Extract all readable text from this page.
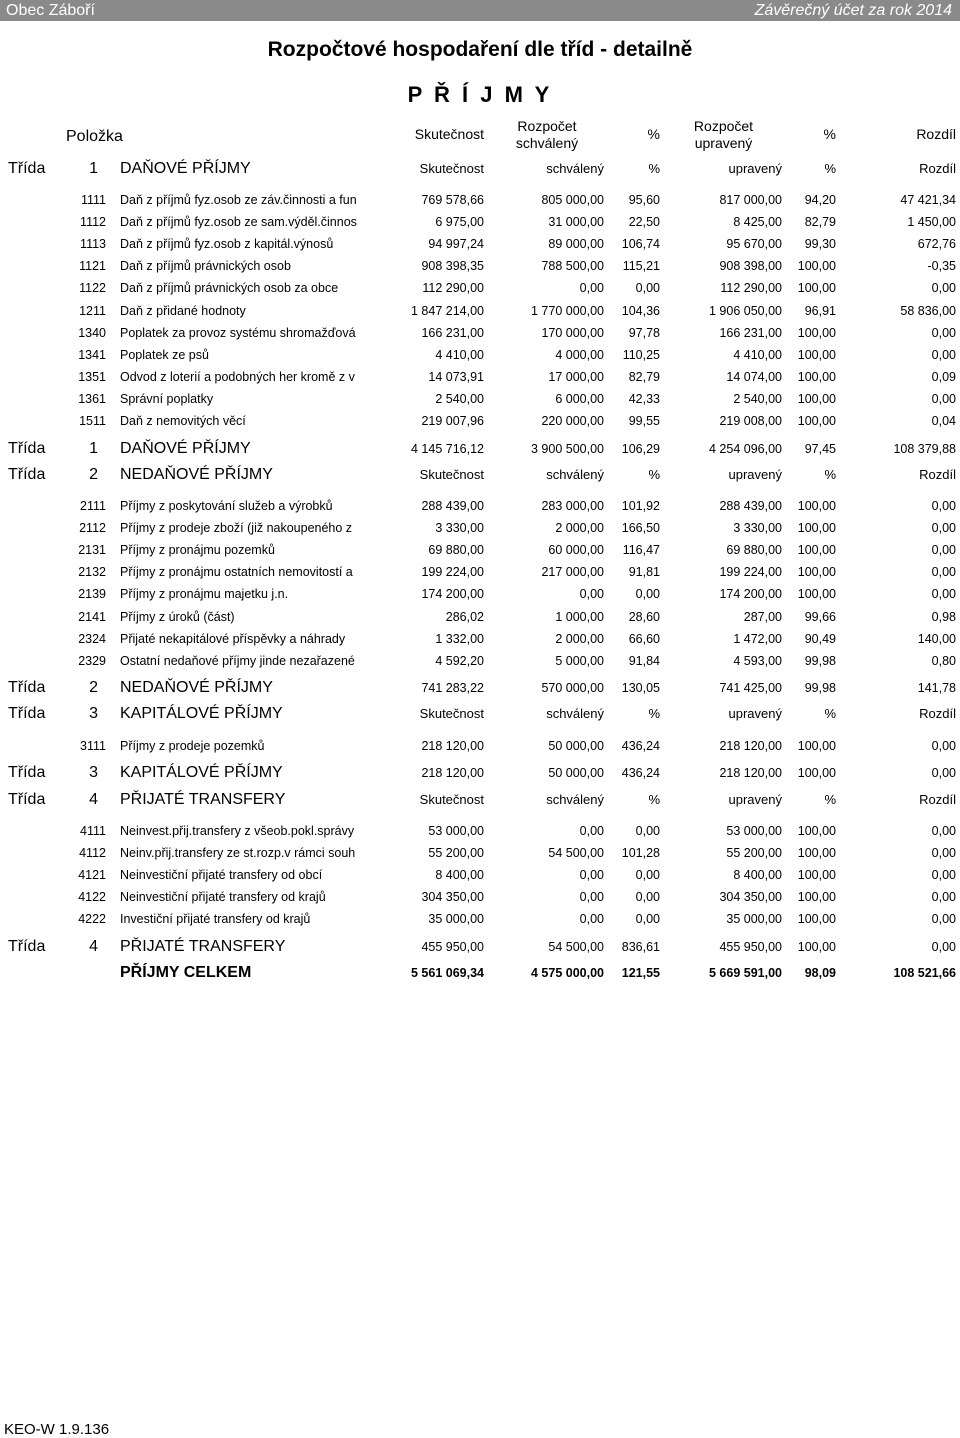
Obec Záboří	Závěrečný účet za rok 2014
Rozpočtové hospodaření dle tříd - detailně
P Ř Í J M Y
Položka	Skutečnost	Rozpočet
schválený
%	Rozpočet
upravený
%	Rozdíl
Třída	1 DAŇOVÉ PŘÍJMY	Skutečnost	schválený	%	upravený	%	Rozdíl
1111 Daň z příjmů fyz.osob ze záv.činnosti a fun	769 578,66	805 000,00	95,60	817 000,00	94,20	47 421,34
1112 Daň z příjmů fyz.osob ze sam.výděl.činnos	6 975,00	31 000,00	22,50	8 425,00	82,79	1 450,00
1113 Daň z příjmů fyz.osob z kapitál.výnosů	94 997,24	89 000,00	106,74	95 670,00	99,30	672,76
1121 Daň z příjmů právnických osob	908 398,35	788 500,00	115,21	908 398,00	100,00	-0,35
1122 Daň z příjmů právnických osob za obce	112 290,00	0,00	0,00	112 290,00	100,00	0,00
1211 Daň z přidané hodnoty	1 847 214,00	1 770 000,00	104,36	1 906 050,00	96,91	58 836,00
1340 Poplatek za provoz systému shromažďová	166 231,00	170 000,00	97,78	166 231,00	100,00	0,00
1341 Poplatek ze psů	4 410,00	4 000,00	110,25	4 410,00	100,00	0,00
1351 Odvod z loterií a podobných her kromě z v	14 073,91	17 000,00	82,79	14 074,00	100,00	0,09
1361 Správní poplatky	2 540,00	6 000,00	42,33	2 540,00	100,00	0,00
1511 Daň z nemovitých věcí	219 007,96	220 000,00	99,55	219 008,00	100,00	0,04
Třída	1 DAŇOVÉ PŘÍJMY	4 145 716,12	3 900 500,00	106,29	4 254 096,00	97,45	108 379,88
Třída	2 NEDAŇOVÉ PŘÍJMY	Skutečnost	schválený	%	upravený	%	Rozdíl
2111 Příjmy z poskytování služeb a výrobků	288 439,00	283 000,00	101,92	288 439,00	100,00	0,00
2112 Příjmy z prodeje zboží (již nakoupeného z	3 330,00	2 000,00	166,50	3 330,00	100,00	0,00
2131 Příjmy z pronájmu pozemků	69 880,00	60 000,00	116,47	69 880,00	100,00	0,00
2132 Příjmy z pronájmu ostatních nemovitostí a	199 224,00	217 000,00	91,81	199 224,00	100,00	0,00
2139 Příjmy z pronájmu majetku j.n.	174 200,00	0,00	0,00	174 200,00	100,00	0,00
2141 Příjmy z úroků (část)	286,02	1 000,00	28,60	287,00	99,66	0,98
2324 Přijaté nekapitálové příspěvky a náhrady	1 332,00	2 000,00	66,60	1 472,00	90,49	140,00
2329 Ostatní nedaňové příjmy jinde nezařazené	4 592,20	5 000,00	91,84	4 593,00	99,98	0,80
Třída	2 NEDAŇOVÉ PŘÍJMY	741 283,22	570 000,00	130,05	741 425,00	99,98	141,78
Třída	3 KAPITÁLOVÉ PŘÍJMY	Skutečnost	schválený	%	upravený	%	Rozdíl
3111 Příjmy z prodeje pozemků	218 120,00	50 000,00	436,24	218 120,00	100,00	0,00
Třída	3 KAPITÁLOVÉ PŘÍJMY	218 120,00	50 000,00	436,24	218 120,00	100,00	0,00
Třída	4 PŘIJATÉ TRANSFERY	Skutečnost	schválený	%	upravený	%	Rozdíl
4111 Neinvest.přij.transfery z všeob.pokl.správy	53 000,00	0,00	0,00	53 000,00	100,00	0,00
4112 Neinv.přij.transfery ze st.rozp.v rámci souh	55 200,00	54 500,00	101,28	55 200,00	100,00	0,00
4121 Neinvestiční přijaté transfery od obcí	8 400,00	0,00	0,00	8 400,00	100,00	0,00
4122 Neinvestiční přijaté transfery od krajů	304 350,00	0,00	0,00	304 350,00	100,00	0,00
4222 Investiční přijaté transfery od krajů	35 000,00	0,00	0,00	35 000,00	100,00	0,00
Třída	4 PŘIJATÉ TRANSFERY	455 950,00	54 500,00	836,61	455 950,00	100,00	0,00
PŘÍJMY CELKEM	5 561 069,34	4 575 000,00	121,55	5 669 591,00	98,09	108 521,66
KEO-W 1.9.136
